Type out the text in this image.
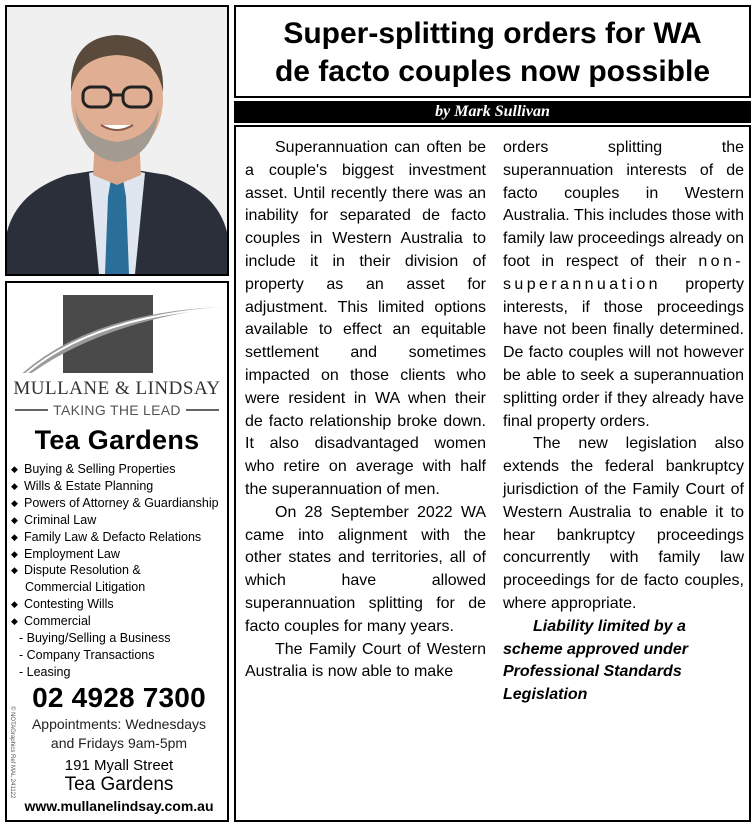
MULLANE & LINDSAY
TAKING THE LEAD
Tea Gardens
◆ Buying & Selling Properties
◆ Wills & Estate Planning
◆ Powers of Attorney & Guardianship
◆ Criminal Law
◆ Family Law & Defacto Relations
◆ Employment Law
◆ Dispute Resolution &
Commercial Litigation
◆ Contesting Wills
◆ Commercial
- Buying/Selling a Business
- Company Transactions
- Leasing
© NOTAGraphics Ref MAL 241122
02 4928 7300
Appointments: Wednesdays
and Fridays 9am-5pm
191 Myall Street
Tea Gardens
www.mullanelindsay.com.au
Super-splitting orders for WA
de facto couples now possible
by Mark Sullivan

Superannuation can often be a couple's biggest investment asset. Until recently there was an inability for separated de facto couples in Western Australia to include it in their division of property as an asset for adjustment. This limited options available to effect an equitable settlement and sometimes impacted on those clients who were resident in WA when their de facto relationship broke down. It also disadvantaged women who retire on average with half the superannuation of men.

On 28 September 2022 WA came into alignment with the other states and territories, all of which have allowed superannuation splitting for de facto couples for many years.

The Family Court of Western Australia is now able to make

orders splitting the superannuation interests of de facto couples in Western Australia. This includes those with family law proceedings already on foot in respect of their non-superannuation property interests, if those proceedings have not been finally determined. De facto couples will not however be able to seek a superannuation splitting order if they already have final property orders.

The new legislation also extends the federal bankruptcy jurisdiction of the Family Court of Western Australia to enable it to hear bankruptcy proceedings concurrently with family law proceedings for de facto couples, where appropriate.

Liability limited by a scheme approved under Professional Standards Legislation
